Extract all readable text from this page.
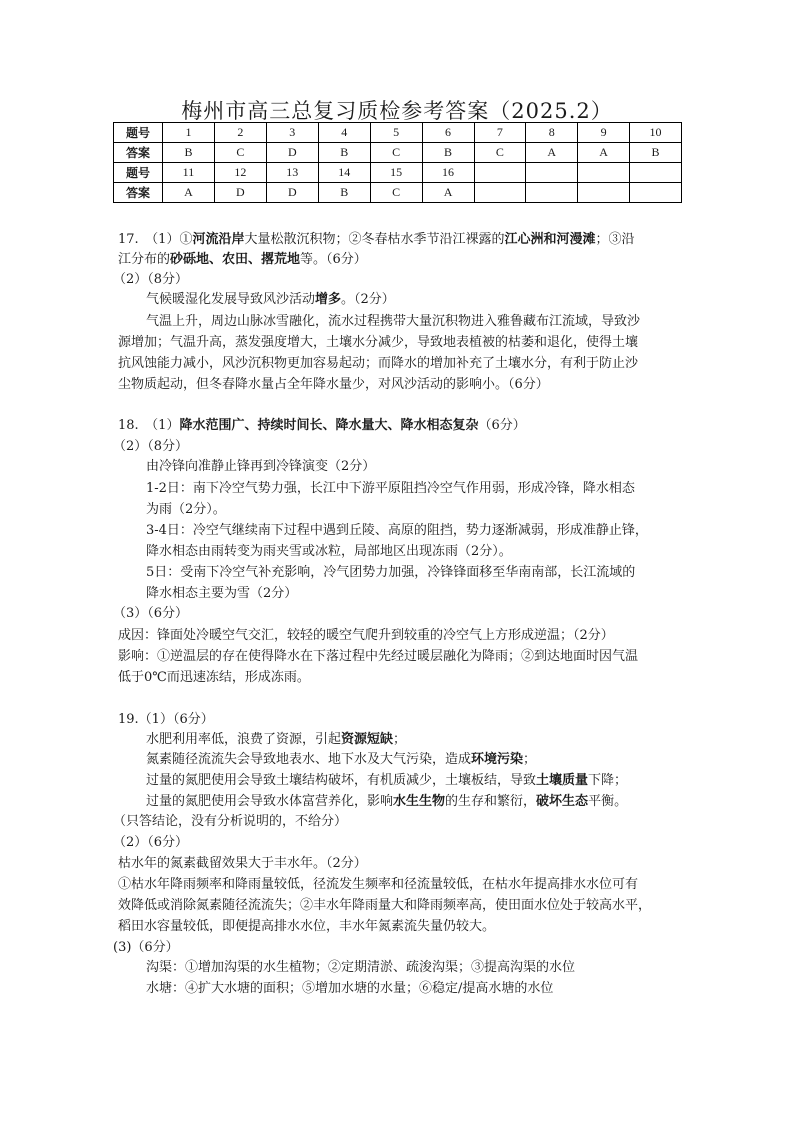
梅州市高三总复习质检参考答案（2025.2）
题号	1	2	3	4	5	6	7	8	9	10
答案	B	C	D	B	C	B	C	A	A	B
题号	11	12	13	14	15	16				
答案	A	D	D	B	C	A				
17.　（1）①河流沿岸大量松散沉积物；②冬春枯水季节沿江裸露的江心洲和河漫滩；③沿
江分布的砂砾地、农田、撂荒地等。（6分）
（2）（8分）
气候暖湿化发展导致风沙活动增多。（2分）
气温上升，周边山脉冰雪融化，流水过程携带大量沉积物进入雅鲁藏布江流域，导致沙
源增加；气温升高，蒸发强度增大，土壤水分减少，导致地表植被的枯萎和退化，使得土壤
抗风蚀能力减小，风沙沉积物更加容易起动；而降水的增加补充了土壤水分，有利于防止沙
尘物质起动，但冬春降水量占全年降水量少，对风沙活动的影响小。（6分）
18.　（1）降水范围广、持续时间长、降水量大、降水相态复杂（6分）
（2）（8分）
由冷锋向准静止锋再到冷锋演变（2分）
1-2日：南下冷空气势力强，长江中下游平原阻挡冷空气作用弱，形成冷锋，降水相态
为雨（2分）。
3-4日：冷空气继续南下过程中遇到丘陵、高原的阻挡，势力逐渐减弱，形成准静止锋，
降水相态由雨转变为雨夹雪或冰粒，局部地区出现冻雨（2分）。
5日：受南下冷空气补充影响，冷气团势力加强，冷锋锋面移至华南南部，长江流域的
降水相态主要为雪（2分）
（3）（6分）
成因：锋面处冷暖空气交汇，较轻的暖空气爬升到较重的冷空气上方形成逆温；（2分）
影响：①逆温层的存在使得降水在下落过程中先经过暖层融化为降雨；②到达地面时因气温
低于0℃而迅速冻结，形成冻雨。
19.（1）（6分）
水肥利用率低，浪费了资源，引起资源短缺；
氮素随径流流失会导致地表水、地下水及大气污染，造成环境污染；
过量的氮肥使用会导致土壤结构破坏，有机质减少，土壤板结，导致土壤质量下降；
过量的氮肥使用会导致水体富营养化，影响水生生物的生存和繁衍，破坏生态平衡。
（只答结论，没有分析说明的，不给分）
（2）（6分）
枯水年的氮素截留效果大于丰水年。（2分）
①枯水年降雨频率和降雨量较低，径流发生频率和径流量较低，在枯水年提高排水水位可有
效降低或消除氮素随径流流失；②丰水年降雨量大和降雨频率高，使田面水位处于较高水平，
稻田水容量较低，即便提高排水水位，丰水年氮素流失量仍较大。
(3)（6分）
沟渠：①增加沟渠的水生植物；②定期清淤、疏浚沟渠；③提高沟渠的水位
水塘：④扩大水塘的面积；⑤增加水塘的水量；⑥稳定/提高水塘的水位
